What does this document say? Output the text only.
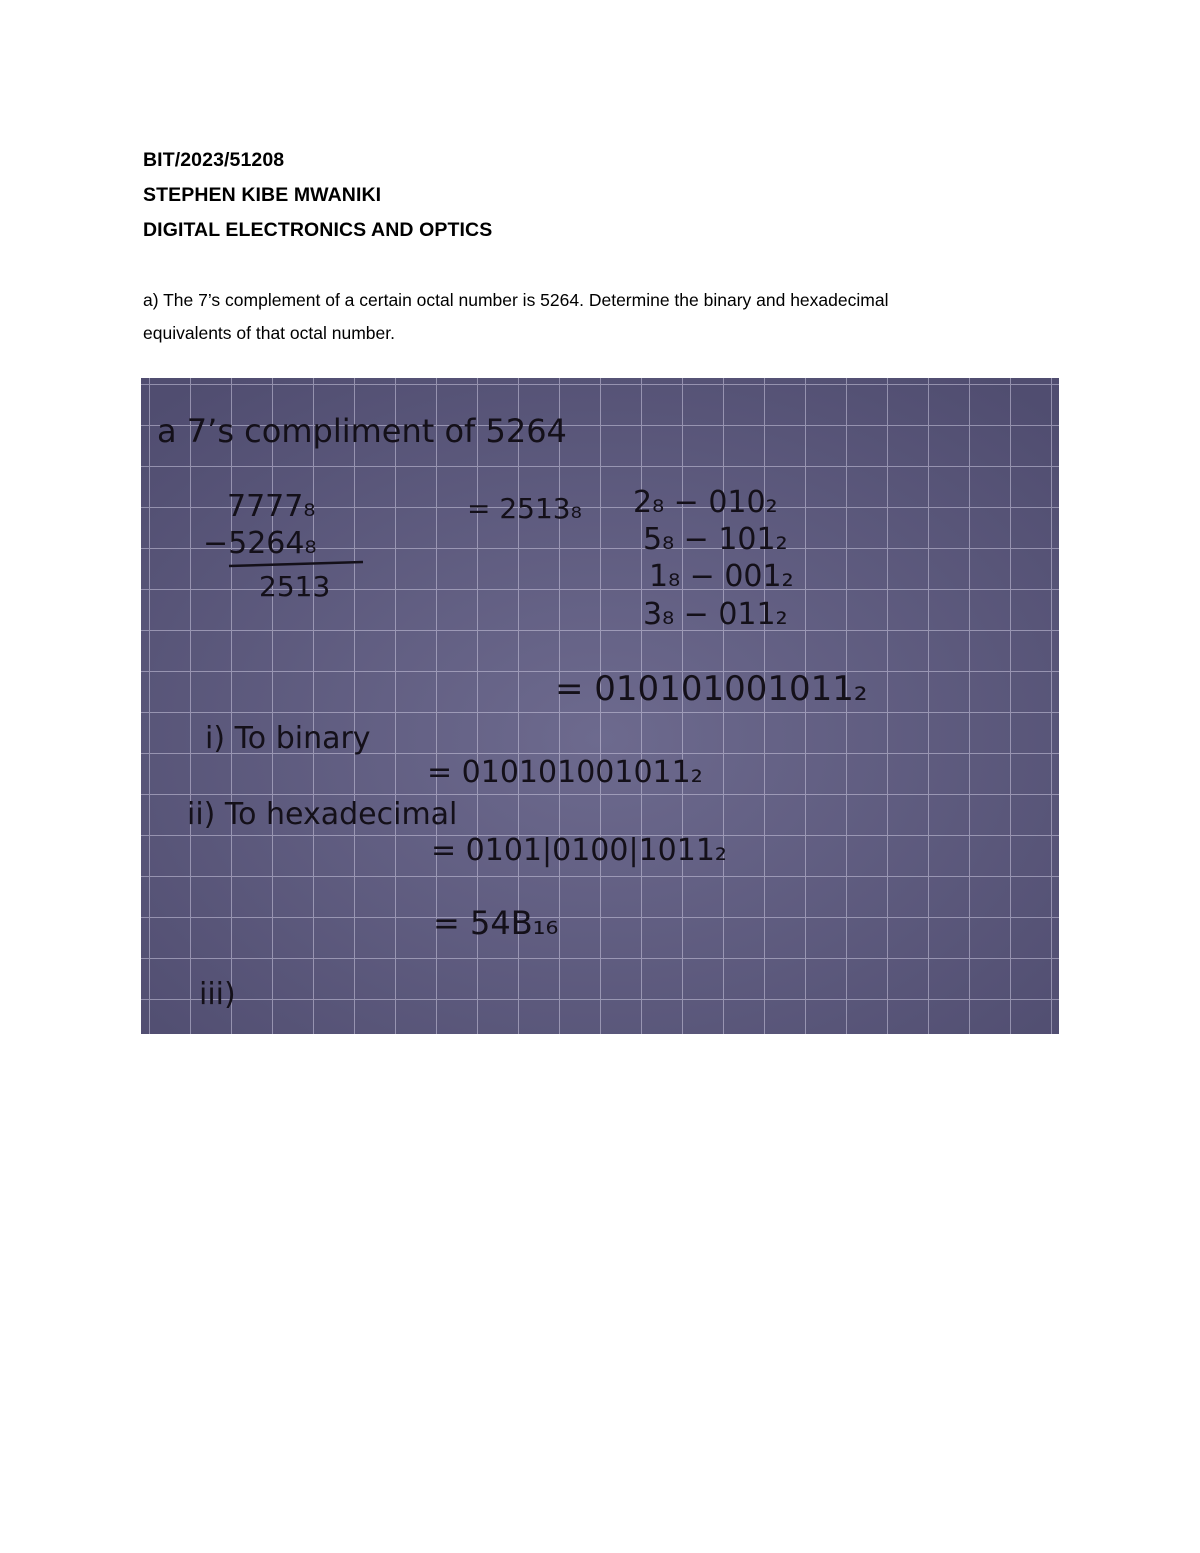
BIT/2023/51208
STEPHEN KIBE MWANIKI
DIGITAL ELECTRONICS AND OPTICS
a) The 7’s complement of a certain octal number is 5264. Determine the binary and hexadecimal
equivalents of that octal number.
a 7’s compliment of 5264
7777₈
−5264₈
2513
= 2513₈ 2₈ − 010₂
5₈ − 101₂
1₈ − 001₂
3₈ − 011₂
= 010101001011₂
i) To binary
= 010101001011₂
ii) To hexadecimal
= 0101|0100|1011₂
= 54B₁₆
iii)
